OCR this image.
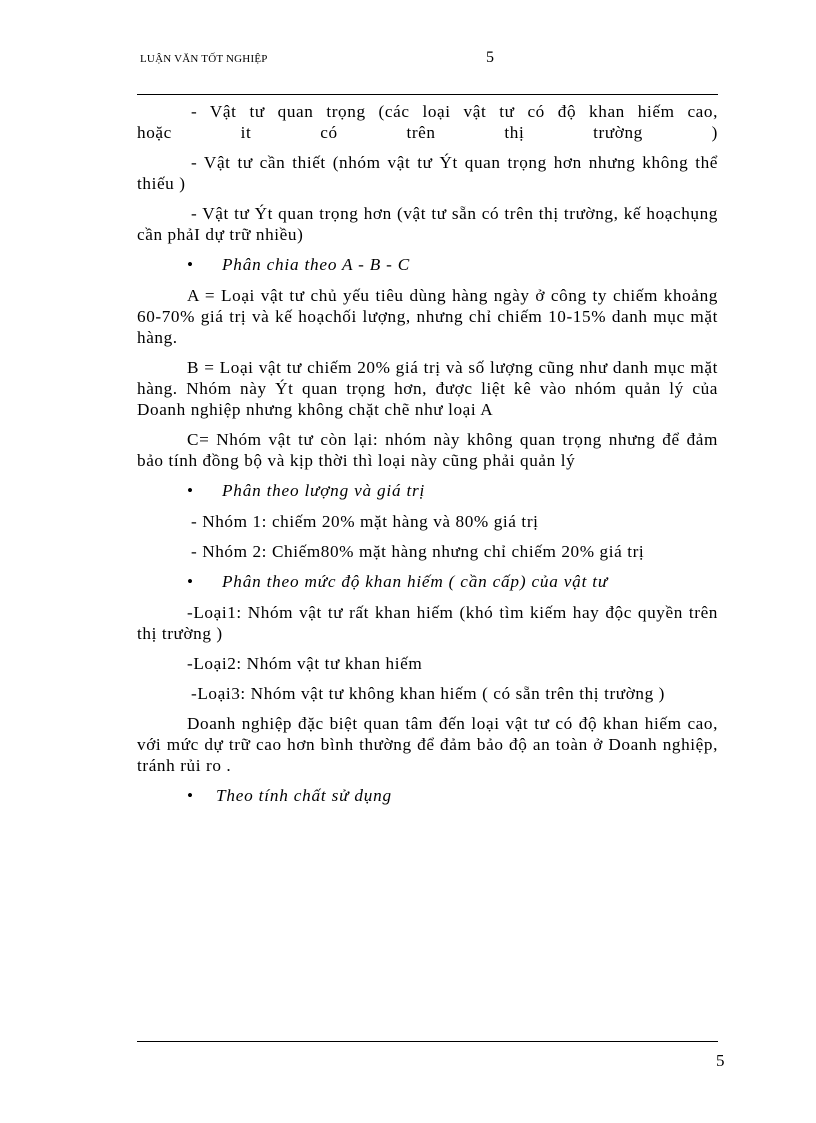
LUẬN VĂN TỐT NGHIỆP	5

- Vật tư quan trọng (các loại vật tư có độ khan hiếm cao,

hoặc it có trên thị trường )

- Vật tư cần thiết (nhóm vật tư Ýt quan trọng hơn nhưng không thể thiếu )

- Vật tư Ýt quan trọng hơn (vật tư sẵn có trên thị trường, kế hoạchụng cần phảI dự trữ nhiều)

• Phân chia theo A - B - C

A = Loại vật tư chủ yếu tiêu dùng hàng ngày ở công ty chiếm khoảng 60-70% giá trị và kế hoạchối lượng, nhưng chỉ chiếm 10-15% danh mục mặt hàng.

B = Loại vật tư chiếm 20% giá trị và số lượng cũng như danh mục mặt hàng. Nhóm này Ýt quan trọng hơn, được liệt kê vào nhóm quản lý của Doanh nghiệp nhưng không chặt chẽ như loại A

C= Nhóm vật tư còn lại: nhóm này không quan trọng nhưng để đảm bảo tính đồng bộ và kịp thời thì loại này cũng phải quản lý

• Phân theo lượng và giá trị

- Nhóm 1: chiếm 20% mặt hàng và 80% giá trị

- Nhóm 2: Chiếm80% mặt hàng nhưng chỉ chiếm 20% giá trị

• Phân theo mức độ khan hiếm ( cần cấp) của vật tư

-Loại1: Nhóm vật tư rất khan hiếm (khó tìm kiếm hay độc quyền trên thị trường )

-Loại2: Nhóm vật tư khan hiếm

-Loại3: Nhóm vật tư không khan hiếm ( có sẵn trên thị trường )

Doanh nghiệp đặc biệt quan tâm đến loại vật tư có độ khan hiếm cao, với mức dự trữ cao hơn bình thường để đảm bảo độ an toàn ở Doanh nghiệp, tránh rủi ro .

• Theo tính chất sử dụng

5
